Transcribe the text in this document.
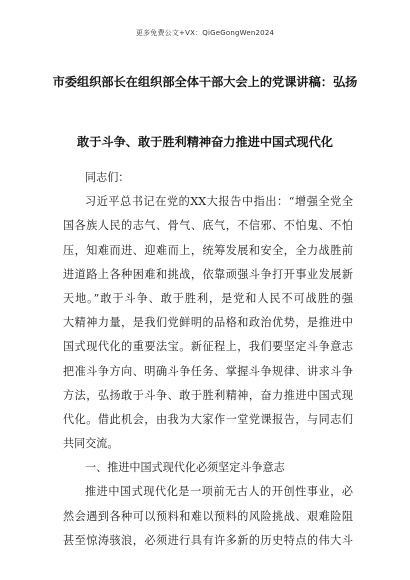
更多免费公文+VX：QiGeGongWen2024
市委组织部长在组织部全体干部大会上的党课讲稿：弘扬
敢于斗争、敢于胜利精神奋力推进中国式现代化
同志们：
习近平总书记在党的XX大报告中指出：“增强全党全
国各族人民的志气、骨气、底气，不信邪、不怕鬼、不怕
压，知难而进、迎难而上，统筹发展和安全，全力战胜前
进道路上各种困难和挑战，依靠顽强斗争打开事业发展新
天地。”敢于斗争、敢于胜利，是党和人民不可战胜的强
大精神力量，是我们党鲜明的品格和政治优势，是推进中
国式现代化的重要法宝。新征程上，我们要坚定斗争意志
把准斗争方向、明确斗争任务、掌握斗争规律、讲求斗争
方法，弘扬敢于斗争、敢于胜利精神，奋力推进中国式现
代化。借此机会，由我为大家作一堂党课报告，与同志们
共同交流。
一、推进中国式现代化必须坚定斗争意志
推进中国式现代化是一项前无古人的开创性事业，必
然会遇到各种可以预料和难以预料的风险挑战、艰难险阻
甚至惊涛骇浪，必须进行具有许多新的历史特点的伟大斗
